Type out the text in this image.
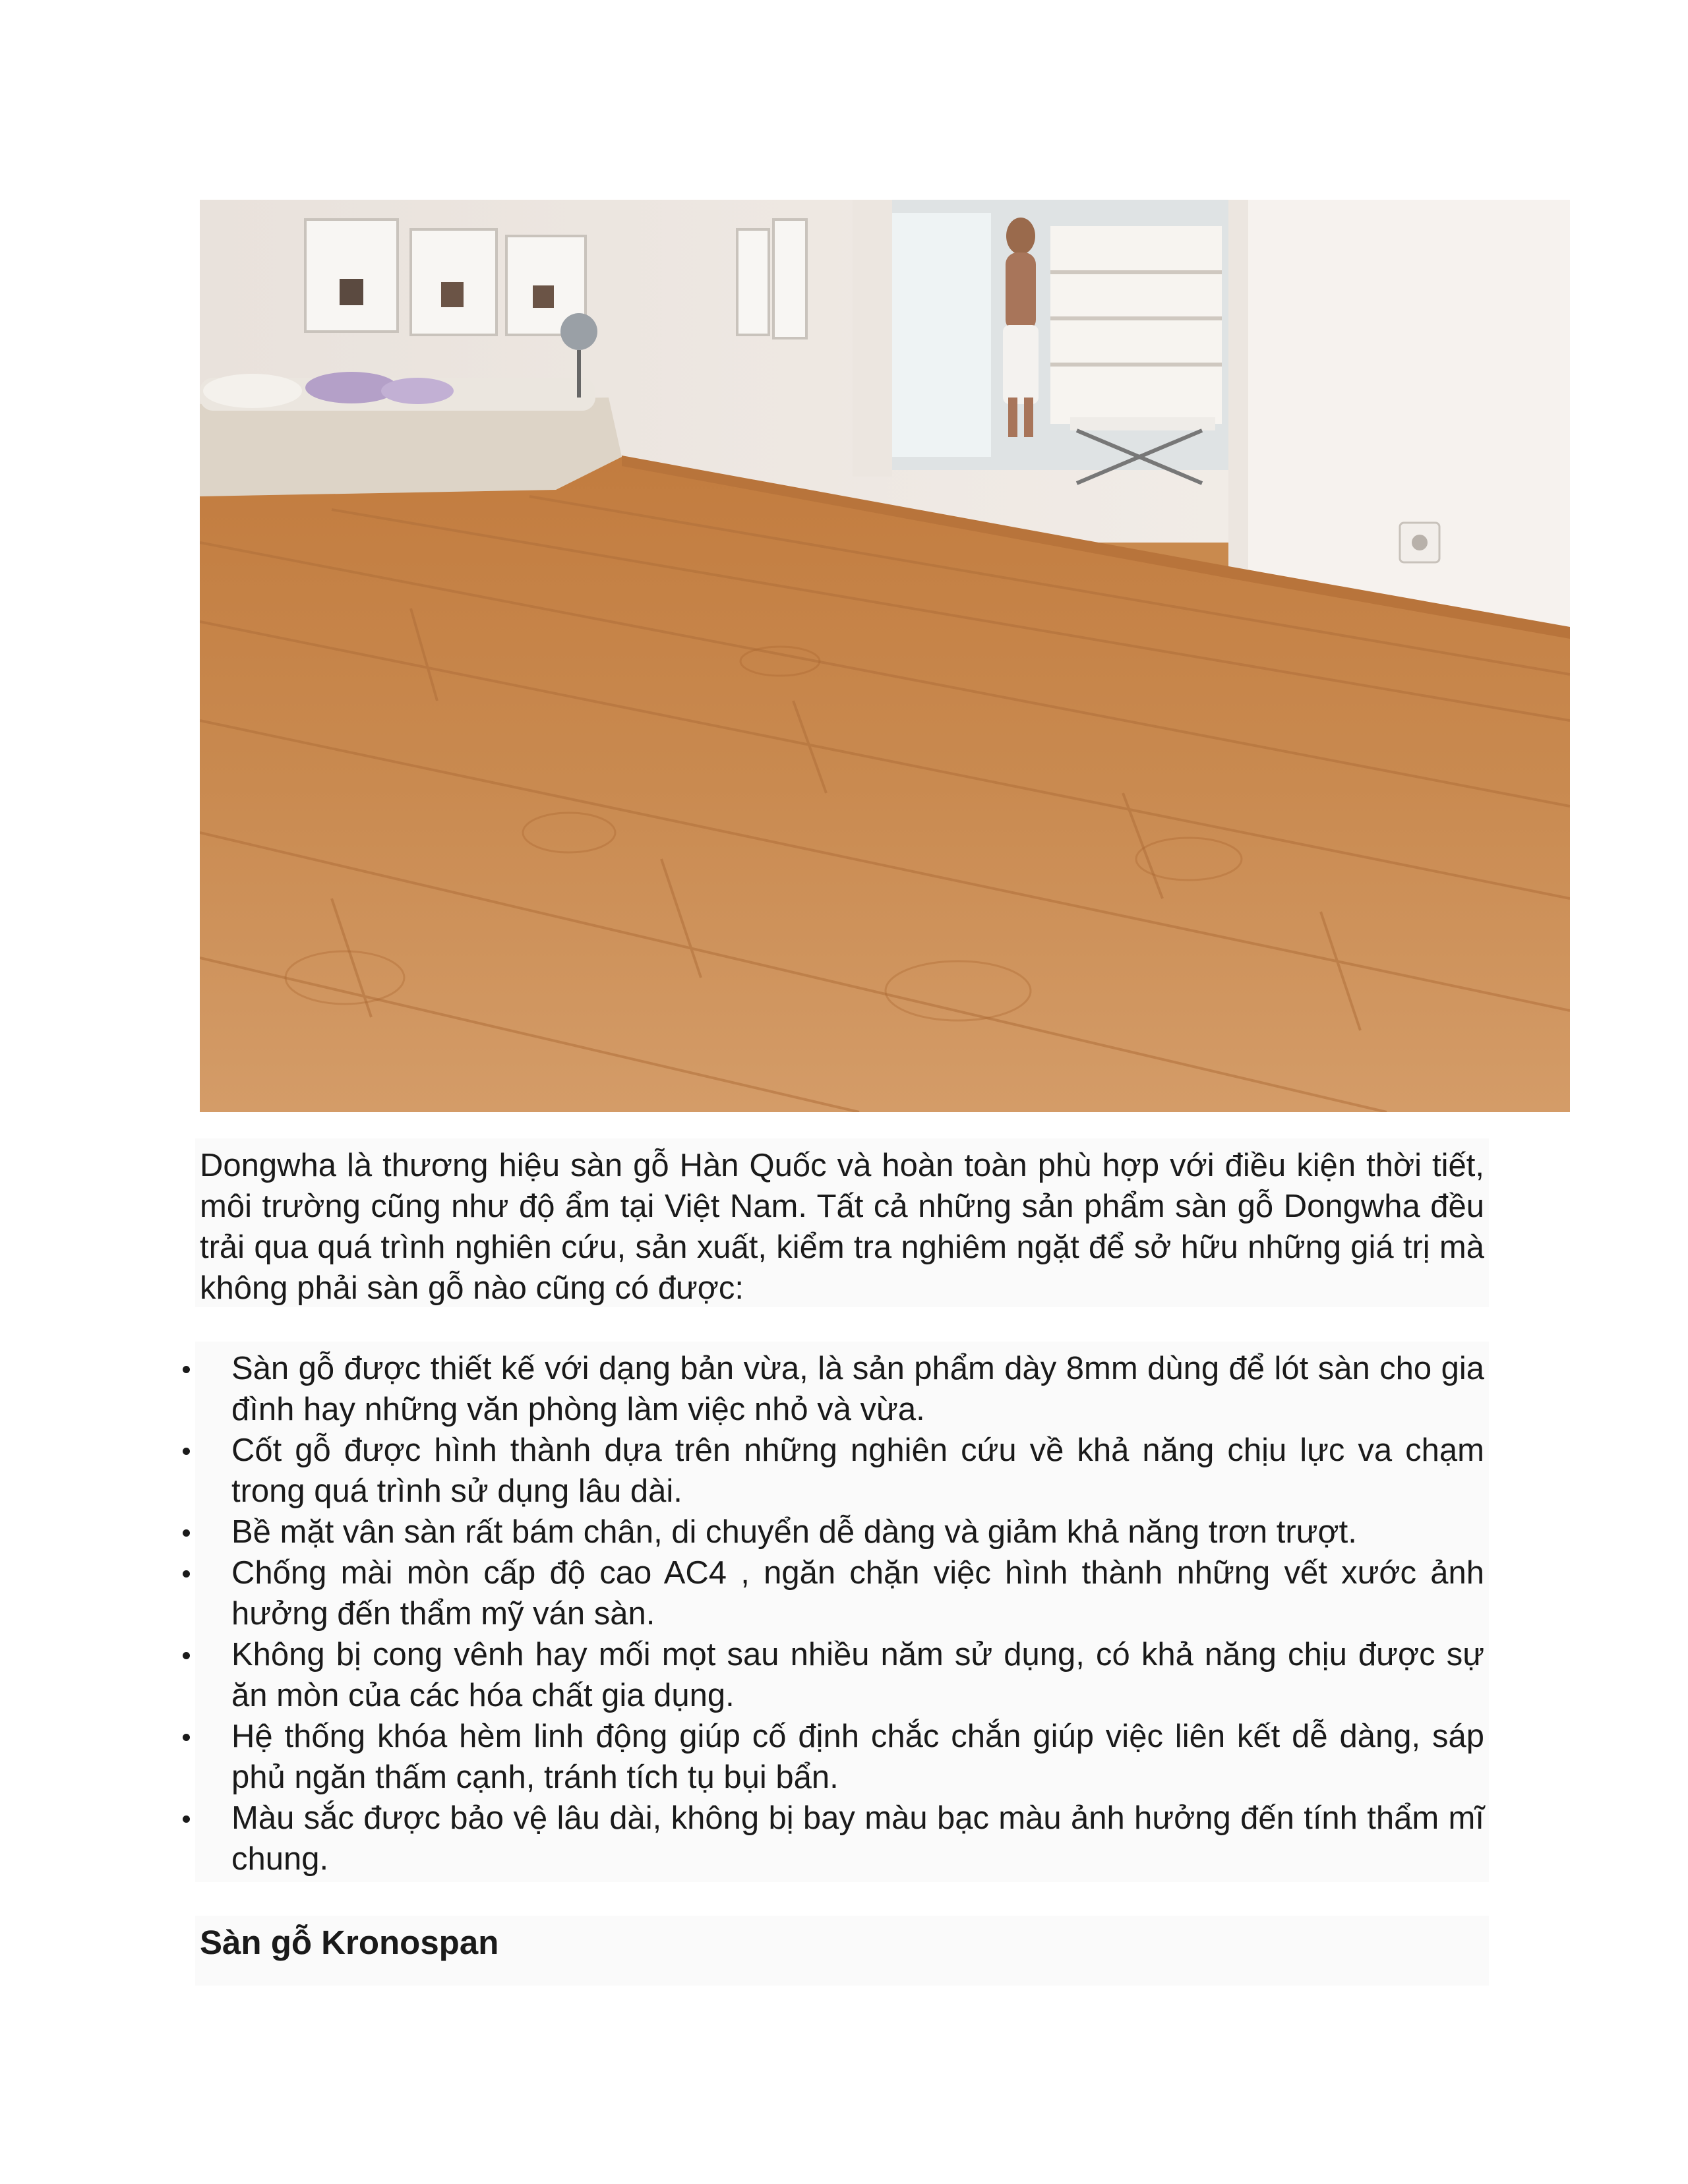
Dongwha là thương hiệu sàn gỗ Hàn Quốc và hoàn toàn phù hợp với điều kiện thời tiết, môi trường cũng như độ ẩm tại Việt Nam. Tất cả những sản phẩm sàn gỗ Dongwha đều trải qua quá trình nghiên cứu, sản xuất, kiểm tra nghiêm ngặt để sở hữu những giá trị mà không phải sàn gỗ nào cũng có được:

Sàn gỗ được thiết kế với dạng bản vừa, là sản phẩm dày 8mm dùng để lót sàn cho gia đình hay những văn phòng làm việc nhỏ và vừa.
Cốt gỗ được hình thành dựa trên những nghiên cứu về khả năng chịu lực va chạm trong quá trình sử dụng lâu dài.
Bề mặt vân sàn rất bám chân, di chuyển dễ dàng và giảm khả năng trơn trượt.
Chống mài mòn cấp độ cao AC4 , ngăn chặn việc hình thành những vết xước ảnh hưởng đến thẩm mỹ ván sàn.
Không bị cong vênh hay mối mọt sau nhiều năm sử dụng, có khả năng chịu được sự ăn mòn của các hóa chất gia dụng.
Hệ thống khóa hèm linh động giúp cố định chắc chắn giúp việc liên kết dễ dàng, sáp phủ ngăn thấm cạnh, tránh tích tụ bụi bẩn.
Màu sắc được bảo vệ lâu dài, không bị bay màu bạc màu ảnh hưởng đến tính thẩm mĩ chung.
Sàn gỗ Kronospan
